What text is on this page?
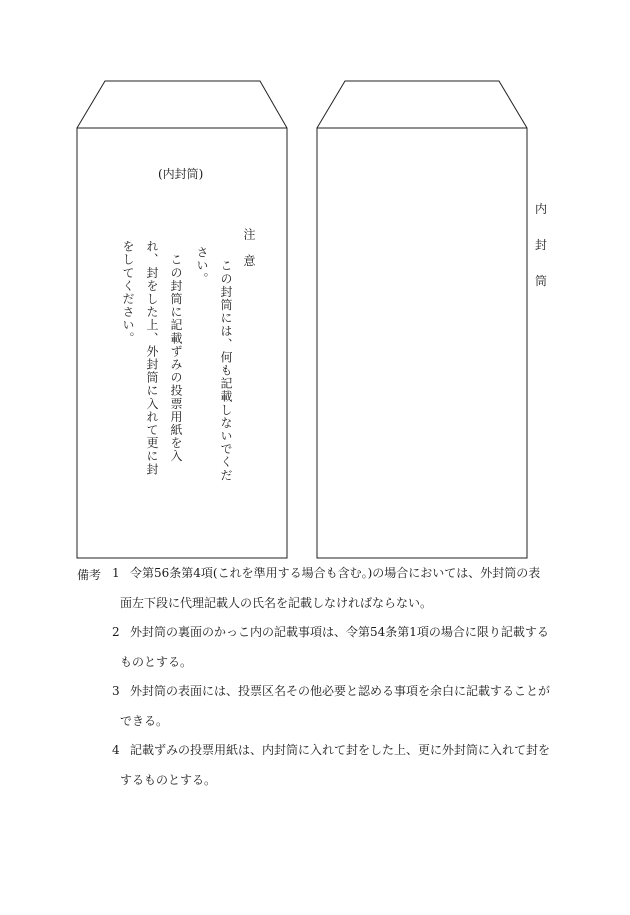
(内封筒)
注　意
　この封筒には、何も記載しないでください。
　この封筒に記載ずみの投票用紙を入れ、封をした上、外封筒に入れて更に封をしてください。
内
封
筒
備考 1 令第56条第4項(これを準用する場合も含む。)の場合においては、外封筒の表面左下段に代理記載人の氏名を記載しなければならない。
2 外封筒の裏面のかっこ内の記載事項は、令第54条第1項の場合に限り記載するものとする。
3 外封筒の表面には、投票区名その他必要と認める事項を余白に記載することができる。
4 記載ずみの投票用紙は、内封筒に入れて封をした上、更に外封筒に入れて封をするものとする。
